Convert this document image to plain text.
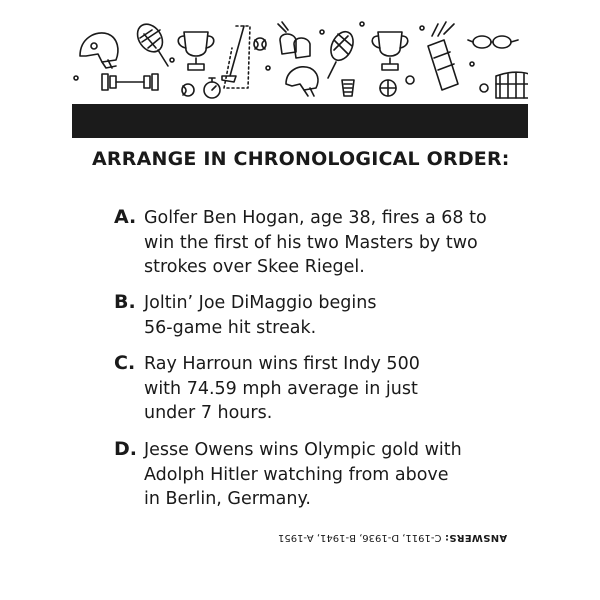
ARRANGE IN CHRONOLOGICAL ORDER:
A. Golfer Ben Hogan, age 38, fires a 68 to win the first of his two Masters by two strokes over Skee Riegel.
B. Joltin’ Joe DiMaggio begins 56-game hit streak.
C. Ray Harroun wins first Indy 500 with 74.59 mph average in just under 7 hours.
D. Jesse Owens wins Olympic gold with Adolph Hitler watching from above in Berlin, Germany.
ANSWERS: C-1911, D-1936, B-1941, A-1951
